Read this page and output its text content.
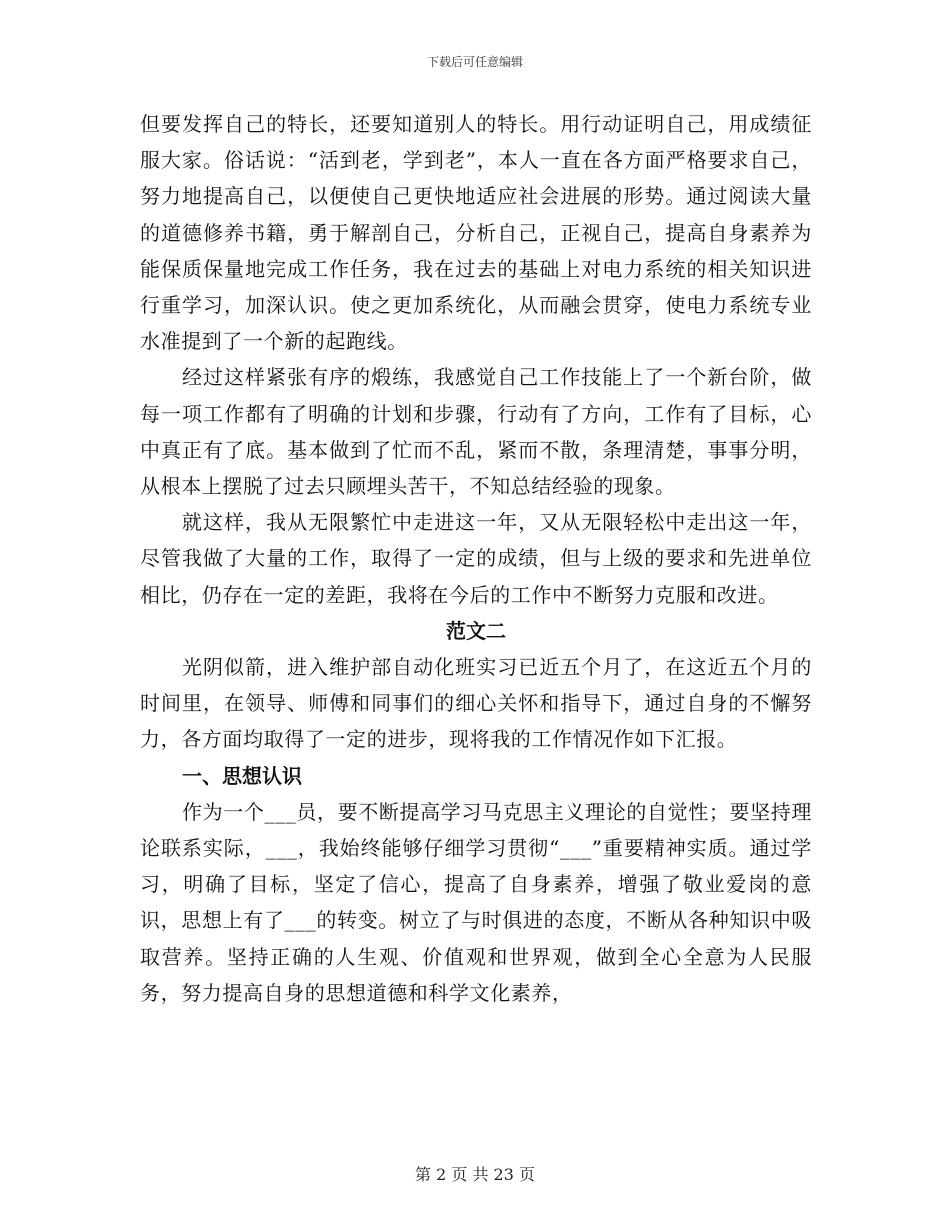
下载后可任意编辑

但要发挥自己的特长，还要知道别人的特长。用行动证明自己，用成绩征服大家。俗话说：“活到老，学到老”，本人一直在各方面严格要求自己，努力地提高自己，以便使自己更快地适应社会进展的形势。通过阅读大量的道德修养书籍，勇于解剖自己，分析自己，正视自己，提高自身素养为能保质保量地完成工作任务，我在过去的基础上对电力系统的相关知识进行重学习，加深认识。使之更加系统化，从而融会贯穿，使电力系统专业水准提到了一个新的起跑线。

经过这样紧张有序的煅练，我感觉自己工作技能上了一个新台阶，做每一项工作都有了明确的计划和步骤，行动有了方向，工作有了目标，心中真正有了底。基本做到了忙而不乱，紧而不散，条理清楚，事事分明，从根本上摆脱了过去只顾埋头苦干，不知总结经验的现象。

就这样，我从无限繁忙中走进这一年，又从无限轻松中走出这一年，尽管我做了大量的工作，取得了一定的成绩，但与上级的要求和先进单位相比，仍存在一定的差距，我将在今后的工作中不断努力克服和改进。

范文二

光阴似箭，进入维护部自动化班实习已近五个月了，在这近五个月的时间里，在领导、师傅和同事们的细心关怀和指导下，通过自身的不懈努力，各方面均取得了一定的进步，现将我的工作情况作如下汇报。

一、思想认识

作为一个___员，要不断提高学习马克思主义理论的自觉性；要坚持理论联系实际，___，我始终能够仔细学习贯彻“___”重要精神实质。通过学习，明确了目标，坚定了信心，提高了自身素养，增强了敬业爱岗的意识，思想上有了___的转变。树立了与时俱进的态度，不断从各种知识中吸取营养。坚持正确的人生观、价值观和世界观，做到全心全意为人民服务，努力提高自身的思想道德和科学文化素养，

第 2 页 共 23 页
